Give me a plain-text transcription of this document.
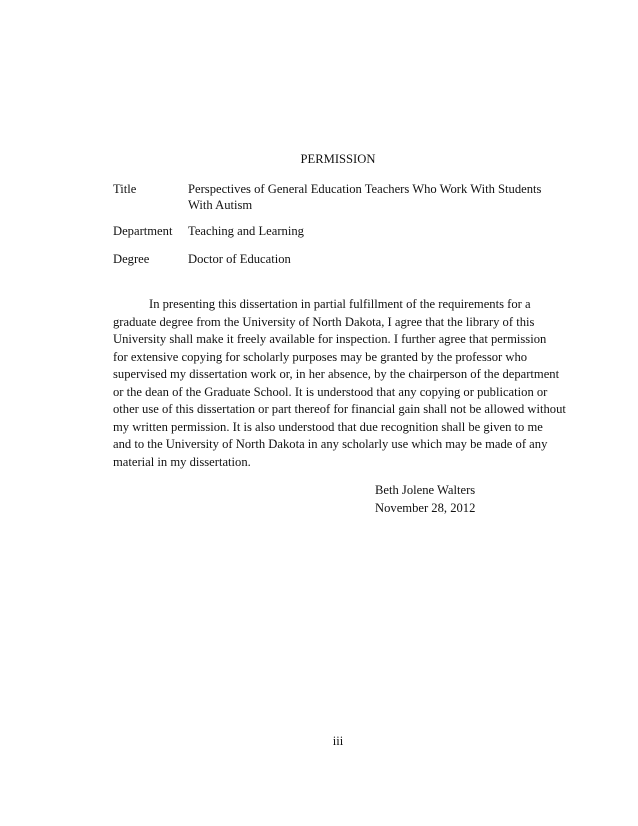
PERMISSION
Title	Perspectives of General Education Teachers Who Work With Students
With Autism
Department Teaching and Learning
Degree	Doctor of Education
In presenting this dissertation in partial fulfillment of the requirements for a
graduate degree from the University of North Dakota, I agree that the library of this
University shall make it freely available for inspection. I further agree that permission
for extensive copying for scholarly purposes may be granted by the professor who
supervised my dissertation work or, in her absence, by the chairperson of the department
or the dean of the Graduate School. It is understood that any copying or publication or
other use of this dissertation or part thereof for financial gain shall not be allowed without
my written permission. It is also understood that due recognition shall be given to me
and to the University of North Dakota in any scholarly use which may be made of any
material in my dissertation.
Beth Jolene Walters
November 28, 2012
iii
